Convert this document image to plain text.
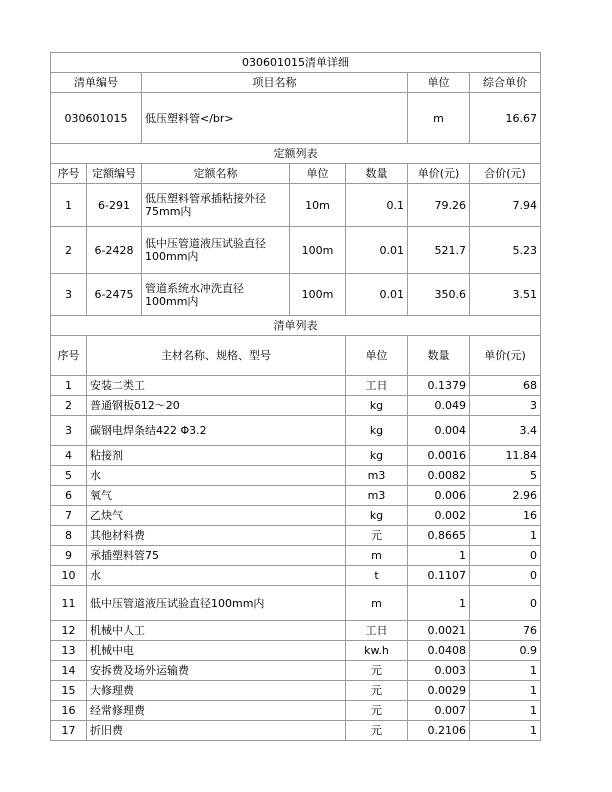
030601015清单详细							
清单编号		项目名称			单位	综合单价	
030601015		低压塑料管</br>			m	16.67	
定额列表							
序号	定额编号	定额名称	单位	数量	单价(元)	合价(元)	
1	6-291	低压塑料管承插粘接外径75mm内	10m	0.1	79.26	7.94	
2	6-2428	低中压管道液压试验直径100mm内	100m	0.01	521.7	5.23	
3	6-2475	管道系统水冲洗直径100mm内	100m	0.01	350.6	3.51	
清单列表							
序号	主材名称、规格、型号			单位	数量	单价(元)	
1	安装二类工			工日	0.1379	68	
2	普通钢板δ12～20			kg	0.049	3	
3	碳钢电焊条结422 Φ3.2			kg	0.004	3.4	
4	粘接剂			kg	0.0016	11.84	
5	水			m3	0.0082	5	
6	氧气			m3	0.006	2.96	
7	乙炔气			kg	0.002	16	
8	其他材料费			元	0.8665	1	
9	承插塑料管75			m	1	0	
10	水			t	0.1107	0	
11	低中压管道液压试验直径100mm内			m	1	0	
12	机械中人工			工日	0.0021	76	
13	机械中电			kw.h	0.0408	0.9	
14	安拆费及场外运输费			元	0.003	1	
15	大修理费			元	0.0029	1	
16	经常修理费			元	0.007	1	
17	折旧费			元	0.2106	1	
